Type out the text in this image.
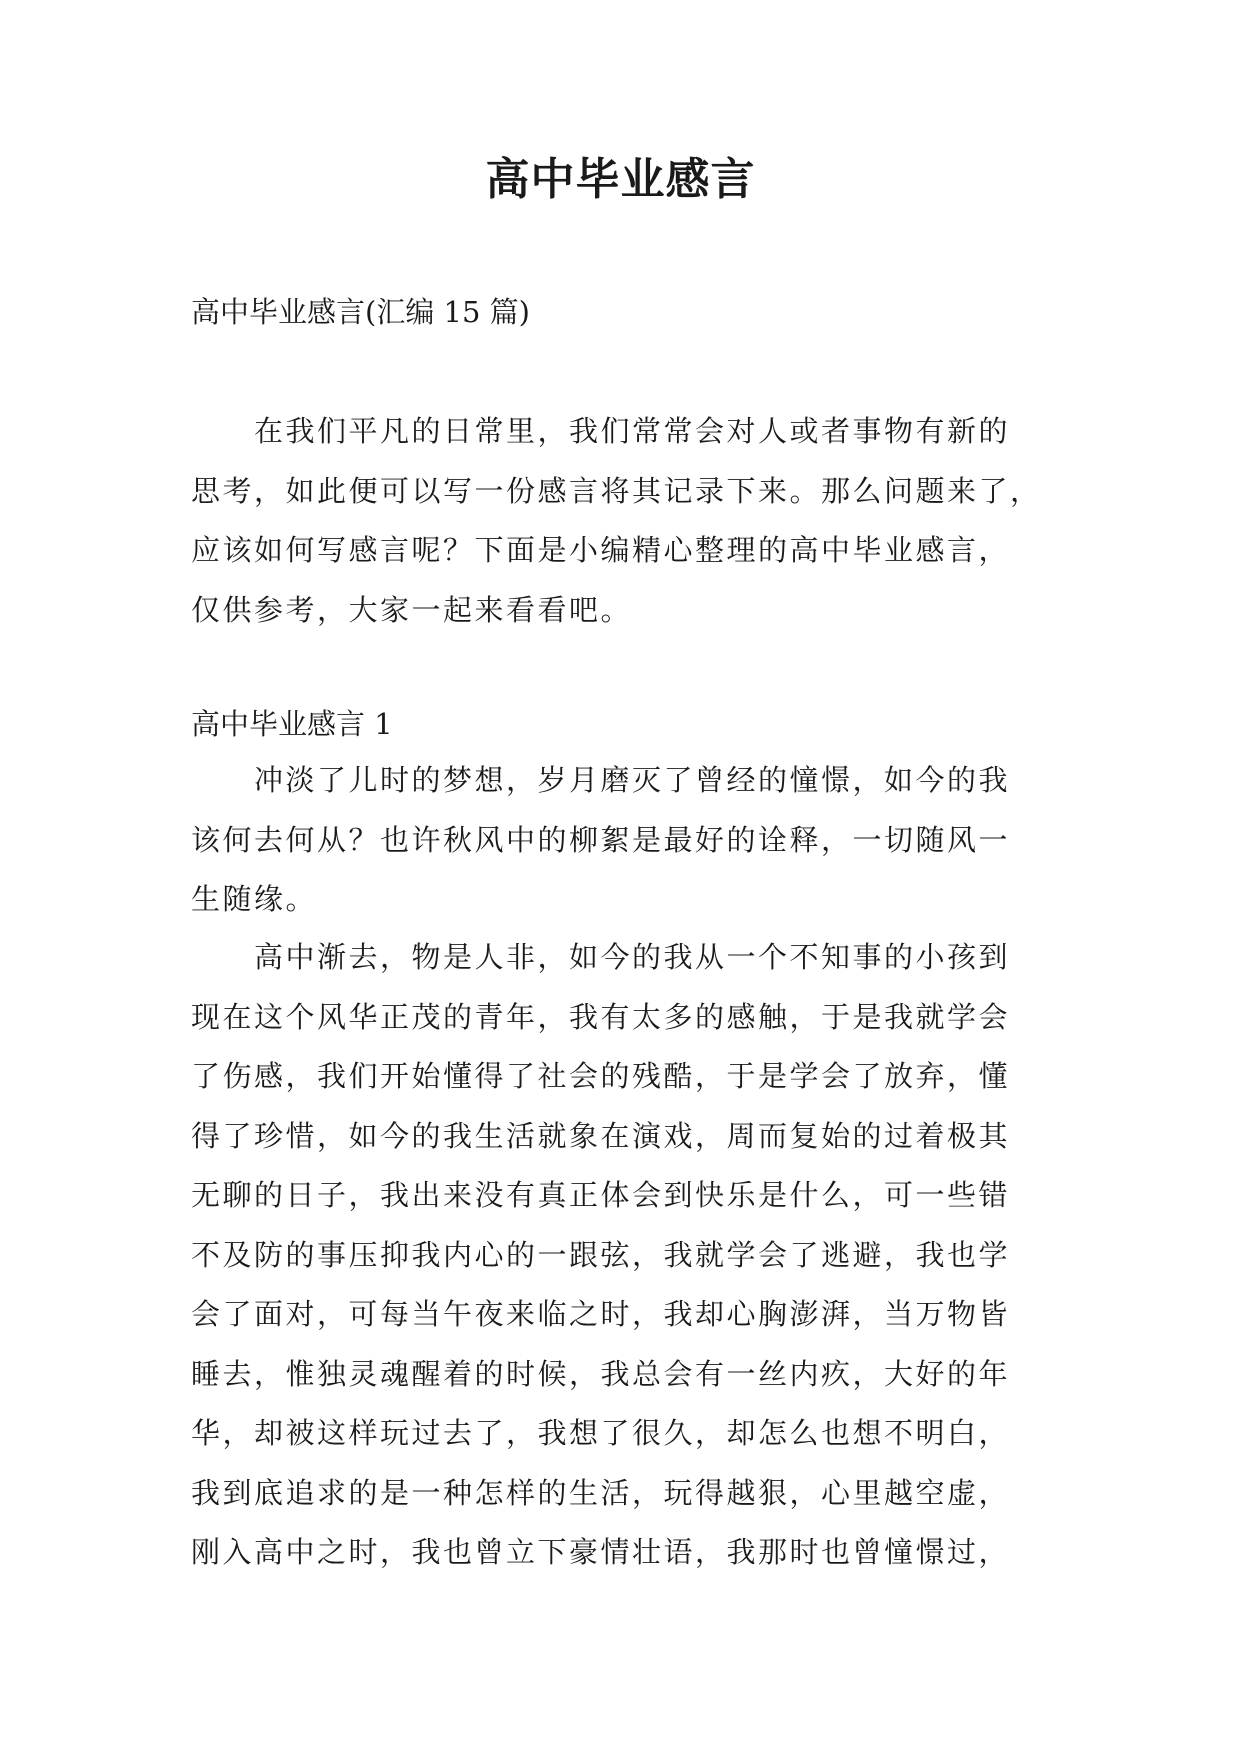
高中毕业感言
高中毕业感言(汇编 15 篇)
　　在我们平凡的日常里，我们常常会对人或者事物有新的
思考，如此便可以写一份感言将其记录下来。那么问题来了，
应该如何写感言呢？下面是小编精心整理的高中毕业感言，
仅供参考，大家一起来看看吧。
高中毕业感言 1
　　冲淡了儿时的梦想，岁月磨灭了曾经的憧憬，如今的我
该何去何从？也许秋风中的柳絮是最好的诠释，一切随风一
生随缘。
　　高中渐去，物是人非，如今的我从一个不知事的小孩到
现在这个风华正茂的青年，我有太多的感触，于是我就学会
了伤感，我们开始懂得了社会的残酷，于是学会了放弃，懂
得了珍惜，如今的我生活就象在演戏，周而复始的过着极其
无聊的日子，我出来没有真正体会到快乐是什么，可一些错
不及防的事压抑我内心的一跟弦，我就学会了逃避，我也学
会了面对，可每当午夜来临之时，我却心胸澎湃，当万物皆
睡去，惟独灵魂醒着的时候，我总会有一丝内疚，大好的年
华，却被这样玩过去了，我想了很久，却怎么也想不明白，
我到底追求的是一种怎样的生活，玩得越狠，心里越空虚，
刚入高中之时，我也曾立下豪情壮语，我那时也曾憧憬过，
